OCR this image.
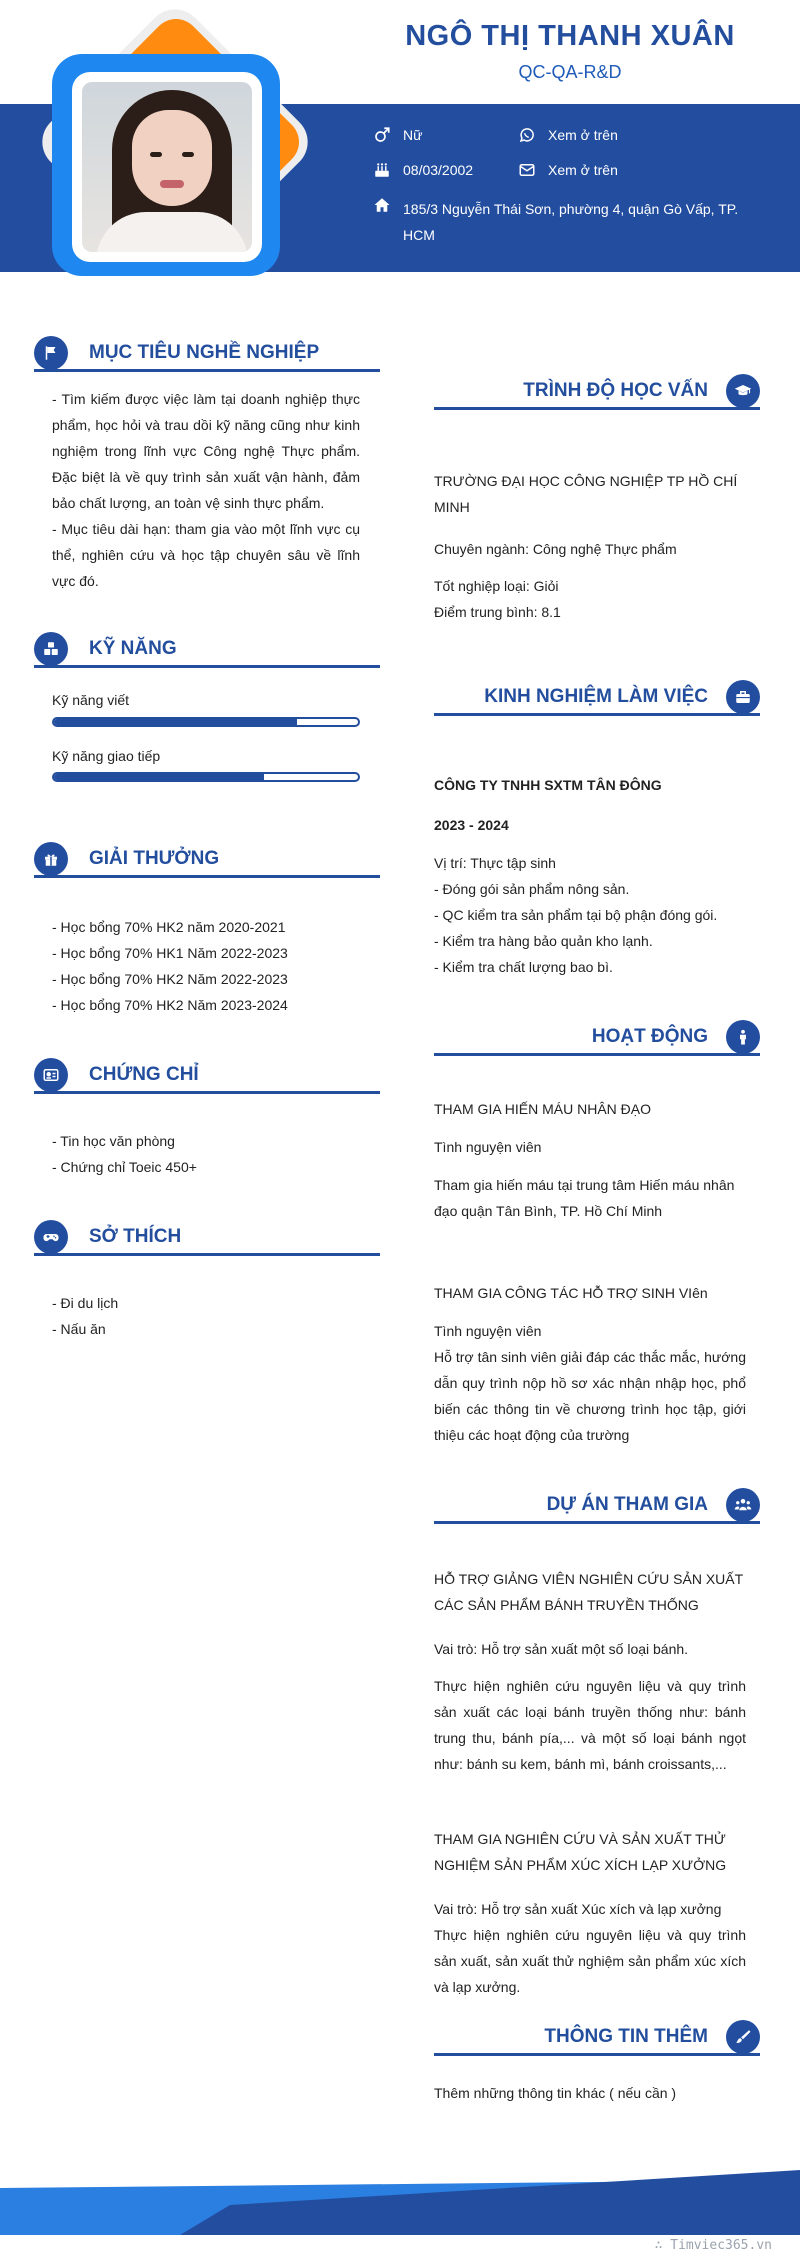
NGÔ THỊ THANH XUÂN
QC-QA-R&D
Nữ	Xem ở trên
08/03/2002	Xem ở trên
185/3 Nguyễn Thái Sơn, phường 4, quận Gò Vấp, TP. HCM
MỤC TIÊU NGHỀ NGHIỆP
- Tìm kiếm được việc làm tại doanh nghiệp thực phẩm, học hỏi và trau dồi kỹ năng cũng như kinh nghiệm trong lĩnh vực Công nghệ Thực phẩm. Đặc biệt là về quy trình sản xuất vận hành, đảm bảo chất lượng, an toàn vệ sinh thực phẩm.
- Mục tiêu dài hạn: tham gia vào một lĩnh vực cụ thể, nghiên cứu và học tập chuyên sâu về lĩnh vực đó.
KỸ NĂNG
Kỹ năng viết
Kỹ năng giao tiếp
GIẢI THƯỞNG
- Học bổng 70% HK2 năm 2020-2021
- Học bổng 70% HK1 Năm 2022-2023
- Học bổng 70% HK2 Năm 2022-2023
- Học bổng 70% HK2 Năm 2023-2024
CHỨNG CHỈ
- Tin học văn phòng
- Chứng chỉ Toeic 450+
SỞ THÍCH
- Đi du lịch
- Nấu ăn
TRÌNH ĐỘ HỌC VẤN
TRƯỜNG ĐẠI HỌC CÔNG NGHIỆP TP HỒ CHÍ MINH
Chuyên ngành: Công nghệ Thực phẩm
Tốt nghiệp loại: Giỏi
Điểm trung bình: 8.1
KINH NGHIỆM LÀM VIỆC
CÔNG TY TNHH SXTM TÂN ĐÔNG
2023 - 2024
Vị trí: Thực tập sinh
- Đóng gói sản phẩm nông sản.
- QC kiểm tra sản phẩm tại bộ phận đóng gói.
- Kiểm tra hàng bảo quản kho lạnh.
- Kiểm tra chất lượng bao bì.
HOẠT ĐỘNG
THAM GIA HIẾN MÁU NHÂN ĐẠO
Tình nguyện viên
Tham gia hiến máu tại trung tâm Hiến máu nhân đạo quận Tân Bình, TP. Hồ Chí Minh
THAM GIA CÔNG TÁC HỖ TRỢ SINH VIên
Tình nguyện viên
Hỗ trợ tân sinh viên giải đáp các thắc mắc, hướng dẫn quy trình nộp hồ sơ xác nhận nhập học, phổ biến các thông tin về chương trình học tập, giới thiệu các hoạt động của trường
DỰ ÁN THAM GIA
HỖ TRỢ GIẢNG VIÊN NGHIÊN CỨU SẢN XUẤT CÁC SẢN PHẨM BÁNH TRUYỀN THỐNG
Vai trò: Hỗ trợ sản xuất một số loại bánh.
Thực hiện nghiên cứu nguyên liệu và quy trình sản xuất các loại bánh truyền thống như: bánh trung thu, bánh pía,... và một số loại bánh ngọt như: bánh su kem, bánh mì, bánh croissants,...
THAM GIA NGHIÊN CỨU VÀ SẢN XUẤT THỬ NGHIỆM SẢN PHẨM XÚC XÍCH LẠP XƯỞNG
Vai trò: Hỗ trợ sản xuất Xúc xích và lạp xưởng
Thực hiện nghiên cứu nguyên liệu và quy trình sản xuất, sản xuất thử nghiệm sản phẩm xúc xích và lạp xưởng.
THÔNG TIN THÊM
Thêm những thông tin khác ( nếu cần )
∴ Timviec365.vn
